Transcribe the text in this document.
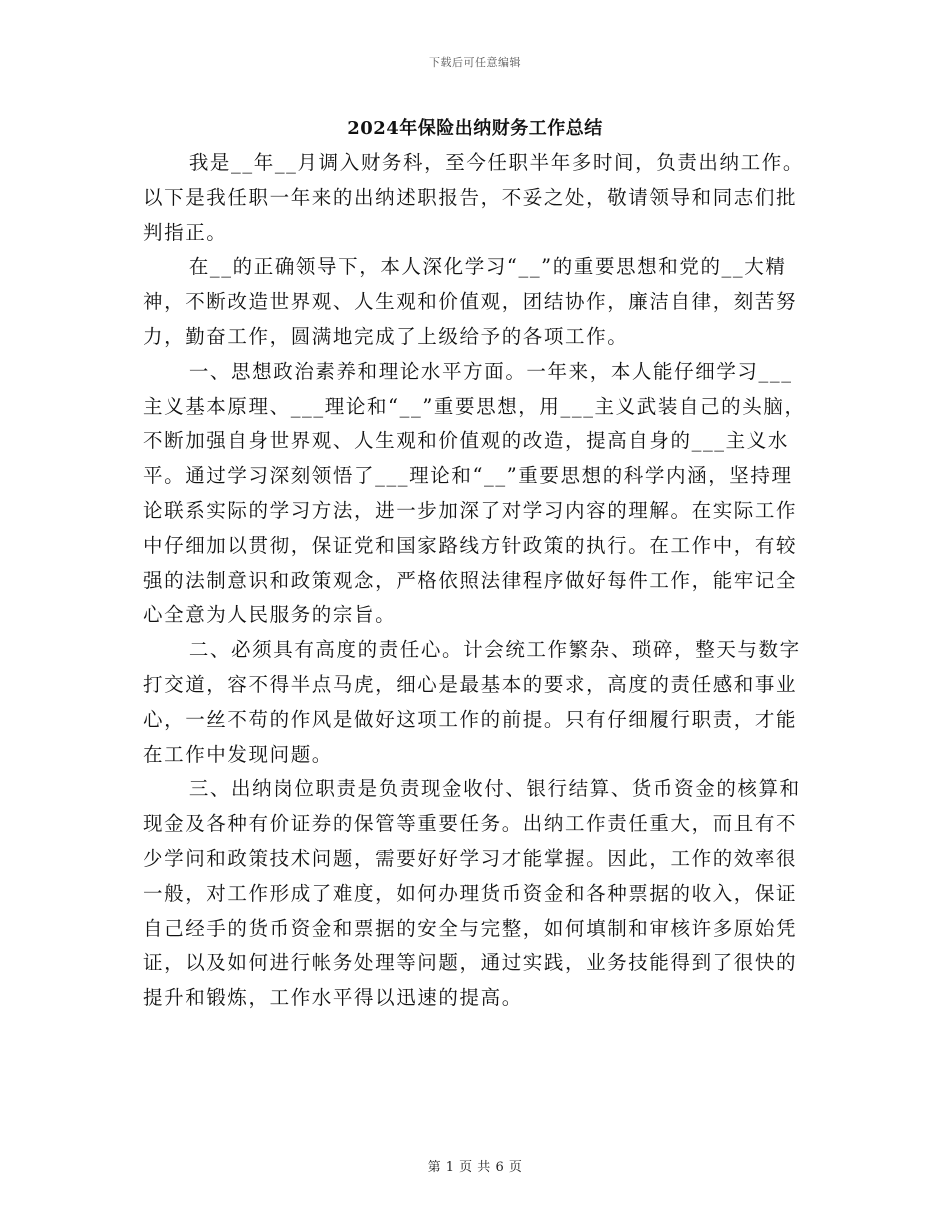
下载后可任意编辑
2024年保险出纳财务工作总结

我是__年__月调入财务科，至今任职半年多时间，负责出纳工作。以下是我任职一年来的出纳述职报告，不妥之处，敬请领导和同志们批判指正。

在__的正确领导下，本人深化学习“__”的重要思想和党的__大精神，不断改造世界观、人生观和价值观，团结协作，廉洁自律，刻苦努力，勤奋工作，圆满地完成了上级给予的各项工作。

一、思想政治素养和理论水平方面。一年来，本人能仔细学习___主义基本原理、___理论和“__”重要思想，用___主义武装自己的头脑，不断加强自身世界观、人生观和价值观的改造，提高自身的___主义水平。通过学习深刻领悟了___理论和“__”重要思想的科学内涵，坚持理论联系实际的学习方法，进一步加深了对学习内容的理解。在实际工作中仔细加以贯彻，保证党和国家路线方针政策的执行。在工作中，有较强的法制意识和政策观念，严格依照法律程序做好每件工作，能牢记全心全意为人民服务的宗旨。

二、必须具有高度的责任心。计会统工作繁杂、琐碎，整天与数字打交道，容不得半点马虎，细心是最基本的要求，高度的责任感和事业心，一丝不苟的作风是做好这项工作的前提。只有仔细履行职责，才能在工作中发现问题。

三、出纳岗位职责是负责现金收付、银行结算、货币资金的核算和现金及各种有价证券的保管等重要任务。出纳工作责任重大，而且有不少学问和政策技术问题，需要好好学习才能掌握。因此，工作的效率很一般，对工作形成了难度，如何办理货币资金和各种票据的收入，保证自己经手的货币资金和票据的安全与完整，如何填制和审核许多原始凭证，以及如何进行帐务处理等问题，通过实践，业务技能得到了很快的提升和锻炼，工作水平得以迅速的提高。

第 1 页 共 6 页
